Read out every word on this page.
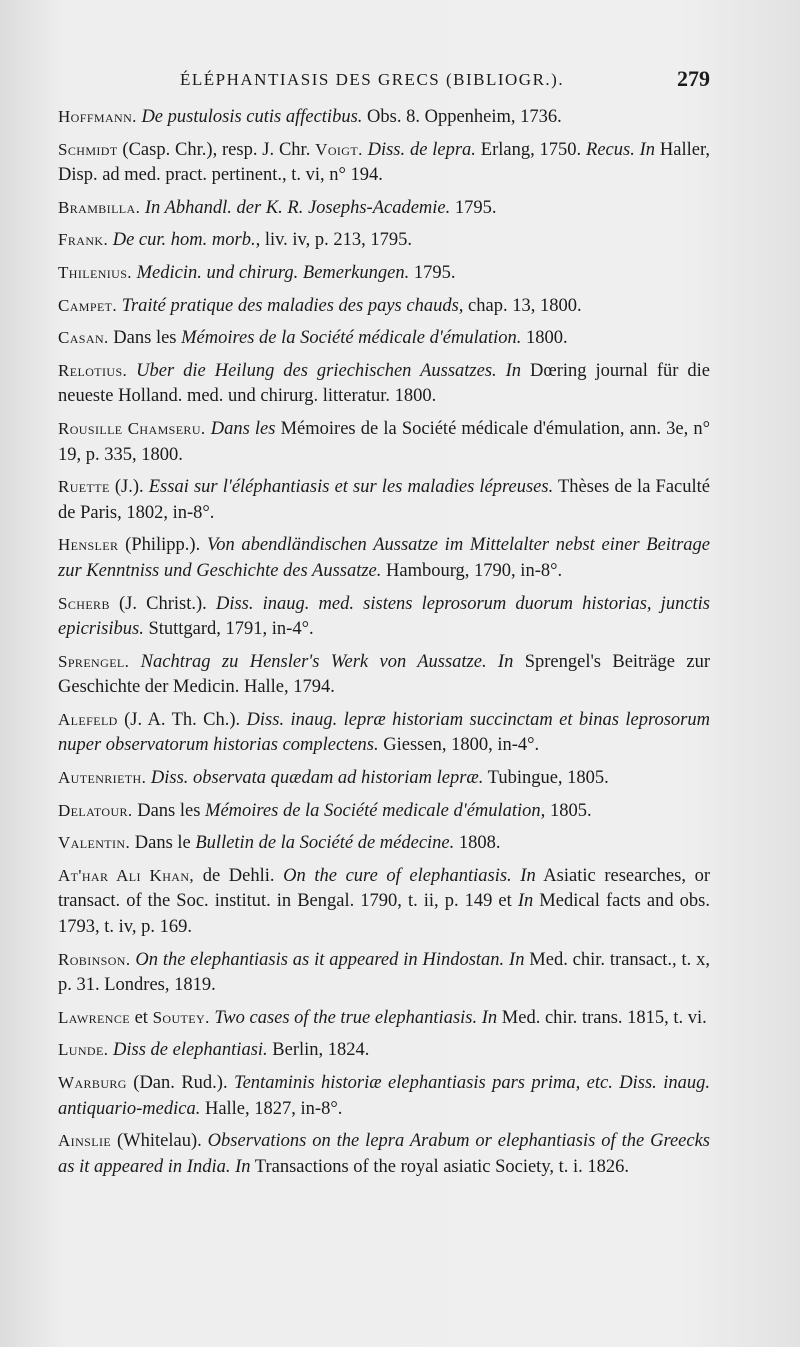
ÉLÉPHANTIASIS DES GRECS (BIBLIOGR.).	279

Hoffmann. De pustulosis cutis affectibus. Obs. 8. Oppenheim, 1736.

Schmidt (Casp. Chr.), resp. J. Chr. Voigt. Diss. de lepra. Erlang, 1750. Recus. In Haller, Disp. ad med. pract. pertinent., t. vi, n° 194.

Brambilla. In Abhandl. der K. R. Josephs-Academie. 1795.

Frank. De cur. hom. morb., liv. iv, p. 213, 1795.

Thilenius. Medicin. und chirurg. Bemerkungen. 1795.

Campet. Traité pratique des maladies des pays chauds, chap. 13, 1800.

Casan. Dans les Mémoires de la Société médicale d'émulation. 1800.

Relotius. Uber die Heilung des griechischen Aussatzes. In Dœring journal für die neueste Holland. med. und chirurg. litteratur. 1800.

Rousille Chamseru. Dans les Mémoires de la Société médicale d'émulation, ann. 3e, n° 19, p. 335, 1800.

Ruette (J.). Essai sur l'éléphantiasis et sur les maladies lépreuses. Thèses de la Faculté de Paris, 1802, in-8°.

Hensler (Philipp.). Von abendländischen Aussatze im Mittelalter nebst einer Beitrage zur Kenntniss und Geschichte des Aussatze. Hambourg, 1790, in-8°.

Scherb (J. Christ.). Diss. inaug. med. sistens leprosorum duorum historias, junctis epicrisibus. Stuttgard, 1791, in-4°.

Sprengel. Nachtrag zu Hensler's Werk von Aussatze. In Sprengel's Beiträge zur Geschichte der Medicin. Halle, 1794.

Alefeld (J. A. Th. Ch.). Diss. inaug. lepræ historiam succinctam et binas leprosorum nuper observatorum historias complectens. Giessen, 1800, in-4°.

Autenrieth. Diss. observata quædam ad historiam lepræ. Tubingue, 1805.

Delatour. Dans les Mémoires de la Société medicale d'émulation, 1805.

Valentin. Dans le Bulletin de la Société de médecine. 1808.

At'har Ali Khan, de Dehli. On the cure of elephantiasis. In Asiatic researches, or transact. of the Soc. institut. in Bengal. 1790, t. ii, p. 149 et In Medical facts and obs. 1793, t. iv, p. 169.

Robinson. On the elephantiasis as it appeared in Hindostan. In Med. chir. transact., t. x, p. 31. Londres, 1819.

Lawrence et Soutey. Two cases of the true elephantiasis. In Med. chir. trans. 1815, t. vi.

Lunde. Diss de elephantiasi. Berlin, 1824.

Warburg (Dan. Rud.). Tentaminis historiæ elephantiasis pars prima, etc. Diss. inaug. antiquario-medica. Halle, 1827, in-8°.

Ainslie (Whitelau). Observations on the lepra Arabum or elephantiasis of the Greecks as it appeared in India. In Transactions of the royal asiatic Society, t. i. 1826.
